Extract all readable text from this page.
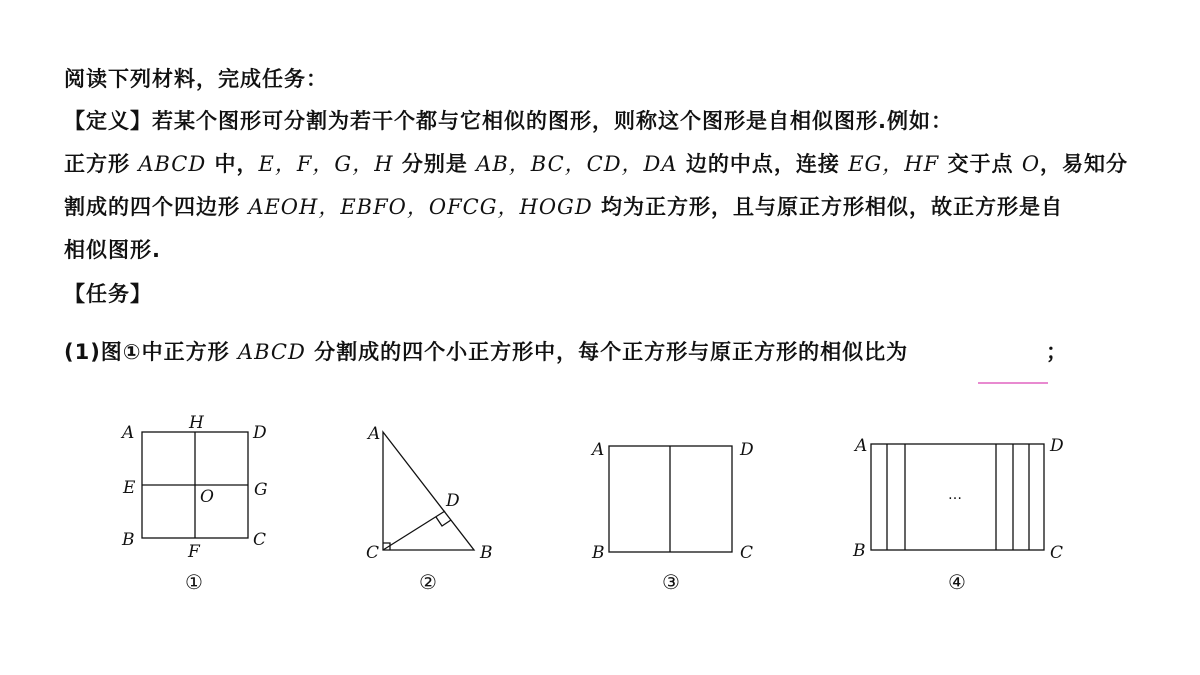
阅读下列材料，完成任务：
【定义】若某个图形可分割为若干个都与它相似的图形，则称这个图形是自相似图形.例如：
正方形 ABCD 中，E，F，G，H 分别是 AB，BC，CD，DA 边的中点，连接 EG，HF 交于点 O，易知分
割成的四个四边形 AEOH，EBFO，OFCG，HOGD 均为正方形，且与原正方形相似，故正方形是自
相似图形.
【任务】
(1)图①中正方形 ABCD 分割成的四个小正方形中，每个正方形与原正方形的相似比为	；
A	H	D
E	O G
B
F
C
①
A
D
C	B
②
A	D
B	C
③
A	D
B	C
…
④
